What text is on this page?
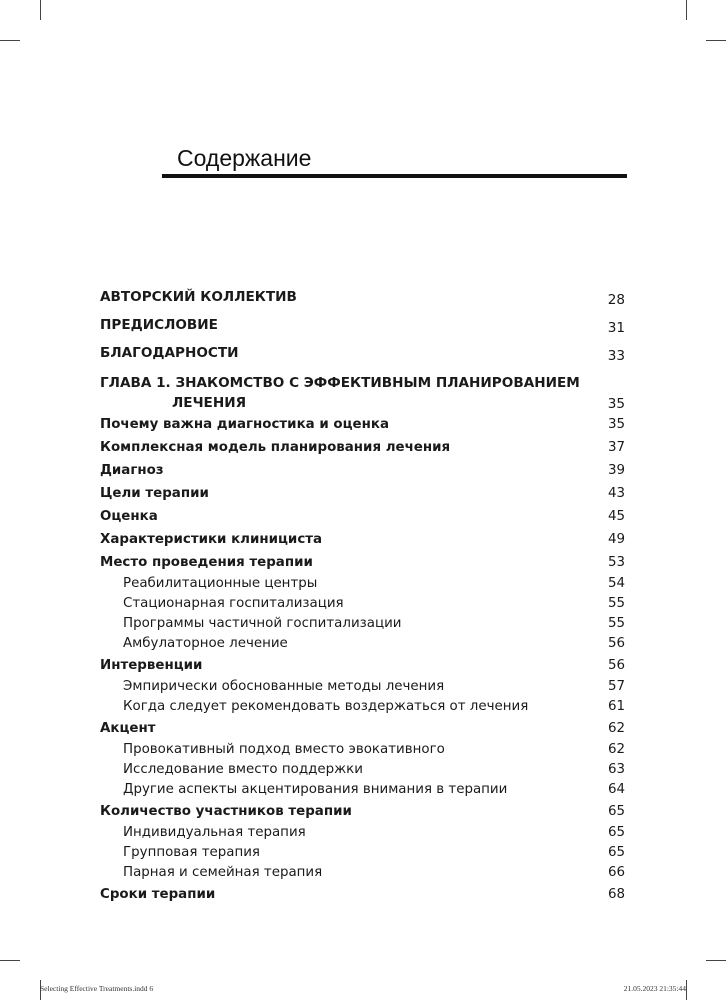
Содержание
АВТОРСКИЙ КОЛЛЕКТИВ	28
ПРЕДИСЛОВИЕ	31
БЛАГОДАРНОСТИ	33
ГЛАВА 1. ЗНАКОМСТВО С ЭФФЕКТИВНЫМ ПЛАНИРОВАНИЕМ
ЛЕЧЕНИЯ	35
Почему важна диагностика и оценка	35
Комплексная модель планирования лечения	37
Диагноз	39
Цели терапии	43
Оценка	45
Характеристики клинициста	49
Место проведения терапии	53
Реабилитационные центры	54
Стационарная госпитализация	55
Программы частичной госпитализации	55
Амбулаторное лечение	56
Интервенции	56
Эмпирически обоснованные методы лечения	57
Когда следует рекомендовать воздержаться от лечения	61
Акцент	62
Провокативный подход вместо эвокативного	62
Исследование вместо поддержки	63
Другие аспекты акцентирования внимания в терапии	64
Количество участников терапии	65
Индивидуальная терапия	65
Групповая терапия	65
Парная и семейная терапия	66
Сроки терапии	68
Selecting Effective Treatments.indd 6	21.05.2023 21:35:44
